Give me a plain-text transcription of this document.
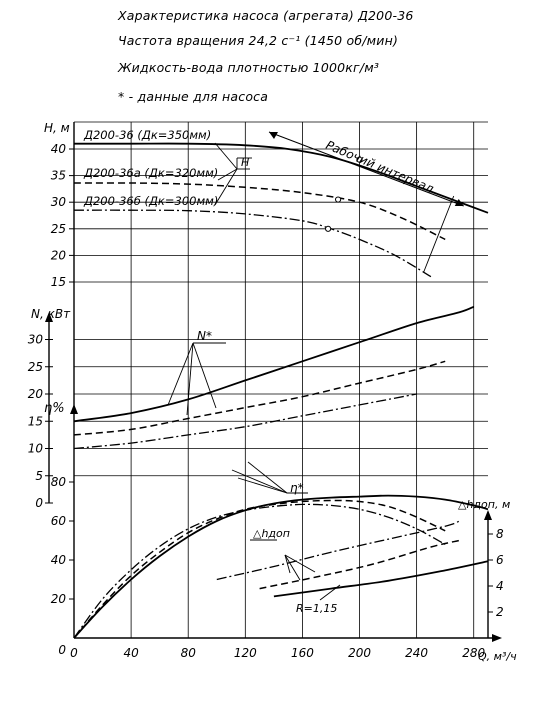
Характеристика насоса (агрегата) Д200-36
Частота вращения 24,2 с⁻¹ (1450 об/мин)
Жидкость-вода плотностью 1000кг/м³
* - данные для насоса
0	40	80	120	160	200	240	280
15
20
25
30
35
40
0
5
10
15
20
25
30
20
40
60
80
0
2
4
6
8
H, м
N, кВт
η%
△hдоп, м
Q, м³/ч
Д200-36 (Дк=350мм)
Д200-36а (Дк=320мм)
Д200-36б (Дк=300мм)
H
N*
η*
△hдоп
R=1,15
Рабочий интервал
